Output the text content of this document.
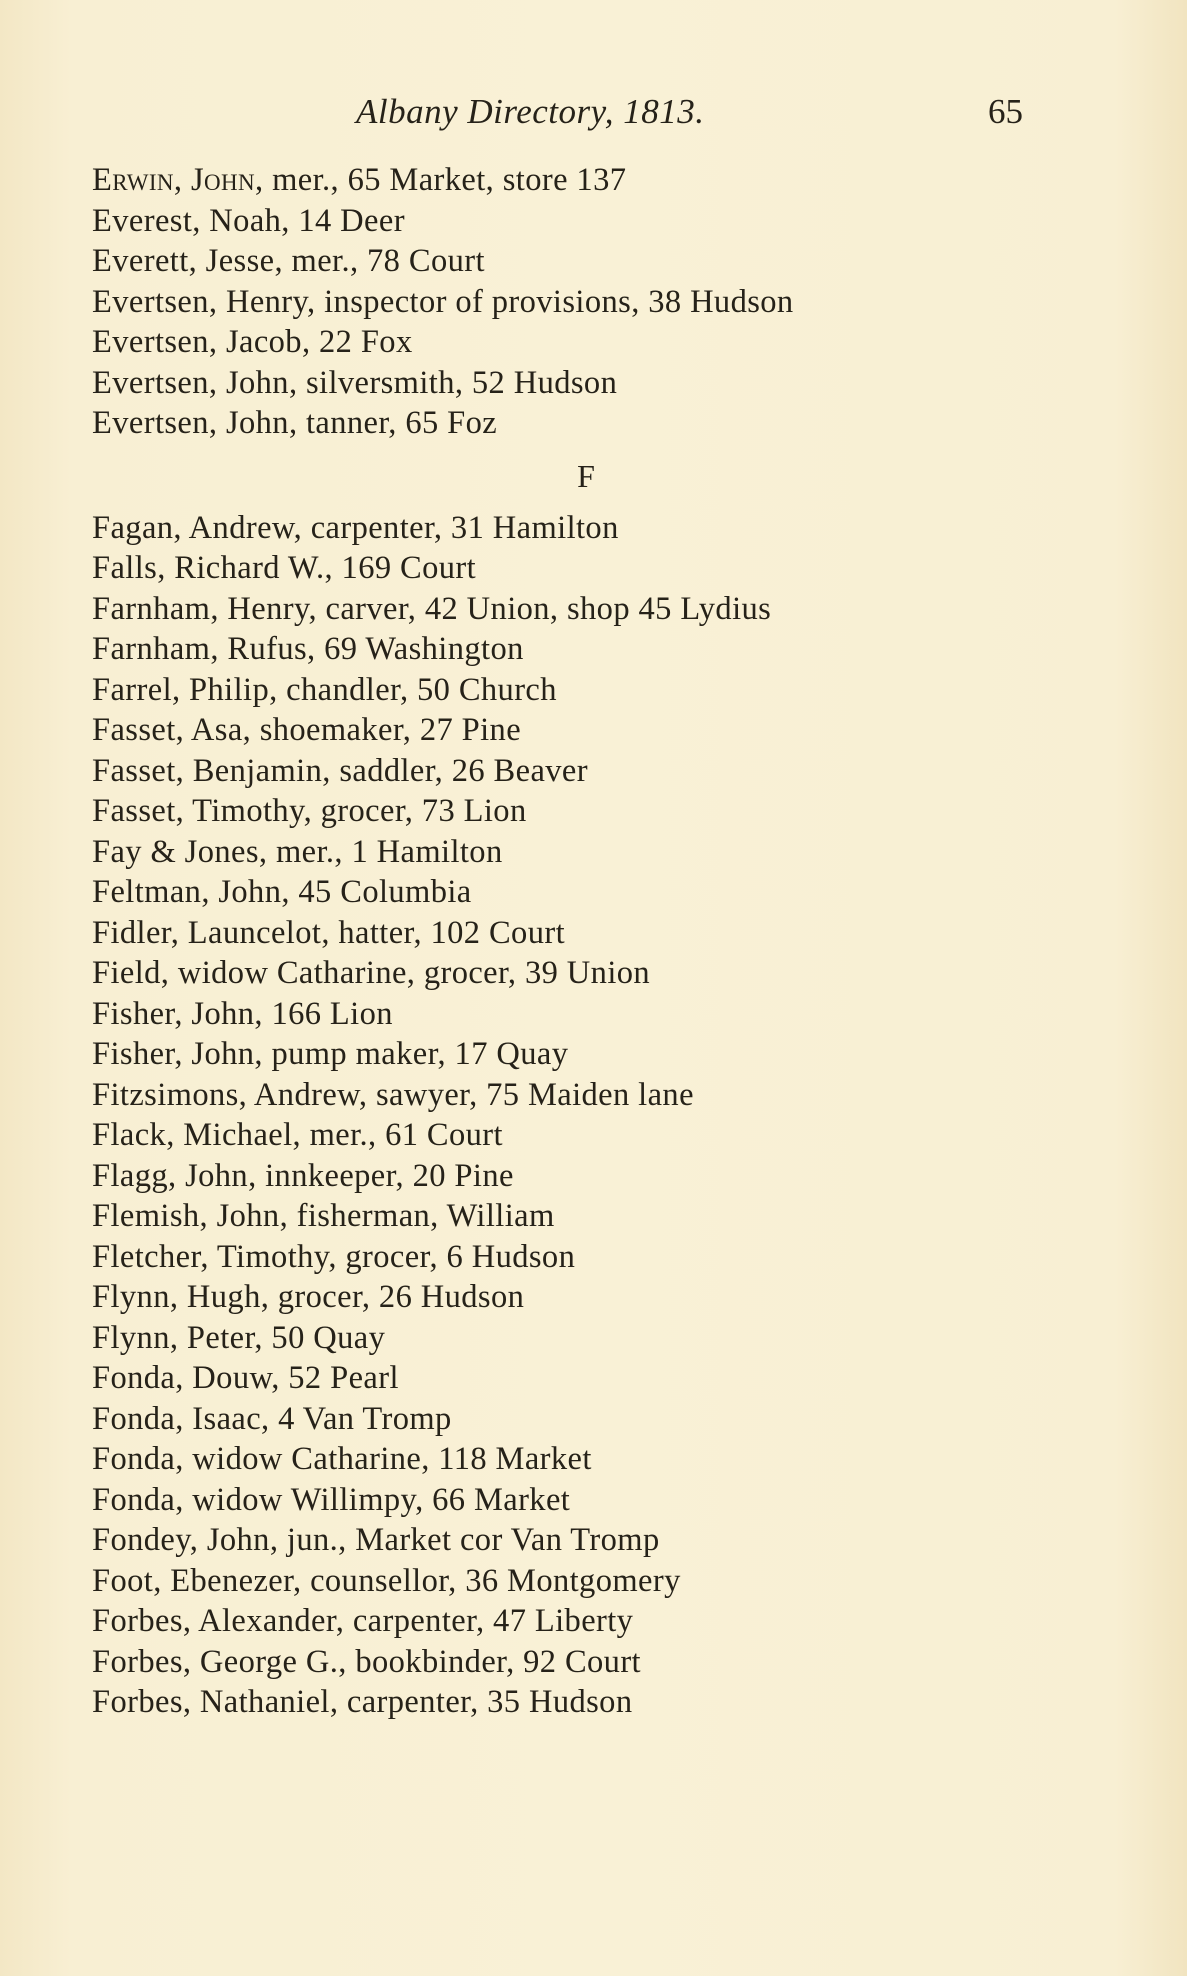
Albany Directory, 1813.	65
Erwin, John, mer., 65 Market, store 137
Everest, Noah, 14 Deer
Everett, Jesse, mer., 78 Court
Evertsen, Henry, inspector of provisions, 38 Hudson
Evertsen, Jacob, 22 Fox
Evertsen, John, silversmith, 52 Hudson
Evertsen, John, tanner, 65 Foz
F
Fagan, Andrew, carpenter, 31 Hamilton
Falls, Richard W., 169 Court
Farnham, Henry, carver, 42 Union, shop 45 Lydius
Farnham, Rufus, 69 Washington
Farrel, Philip, chandler, 50 Church
Fasset, Asa, shoemaker, 27 Pine
Fasset, Benjamin, saddler, 26 Beaver
Fasset, Timothy, grocer, 73 Lion
Fay & Jones, mer., 1 Hamilton
Feltman, John, 45 Columbia
Fidler, Launcelot, hatter, 102 Court
Field, widow Catharine, grocer, 39 Union
Fisher, John, 166 Lion
Fisher, John, pump maker, 17 Quay
Fitzsimons, Andrew, sawyer, 75 Maiden lane
Flack, Michael, mer., 61 Court
Flagg, John, innkeeper, 20 Pine
Flemish, John, fisherman, William
Fletcher, Timothy, grocer, 6 Hudson
Flynn, Hugh, grocer, 26 Hudson
Flynn, Peter, 50 Quay
Fonda, Douw, 52 Pearl
Fonda, Isaac, 4 Van Tromp
Fonda, widow Catharine, 118 Market
Fonda, widow Willimpy, 66 Market
Fondey, John, jun., Market cor Van Tromp
Foot, Ebenezer, counsellor, 36 Montgomery
Forbes, Alexander, carpenter, 47 Liberty
Forbes, George G., bookbinder, 92 Court
Forbes, Nathaniel, carpenter, 35 Hudson
